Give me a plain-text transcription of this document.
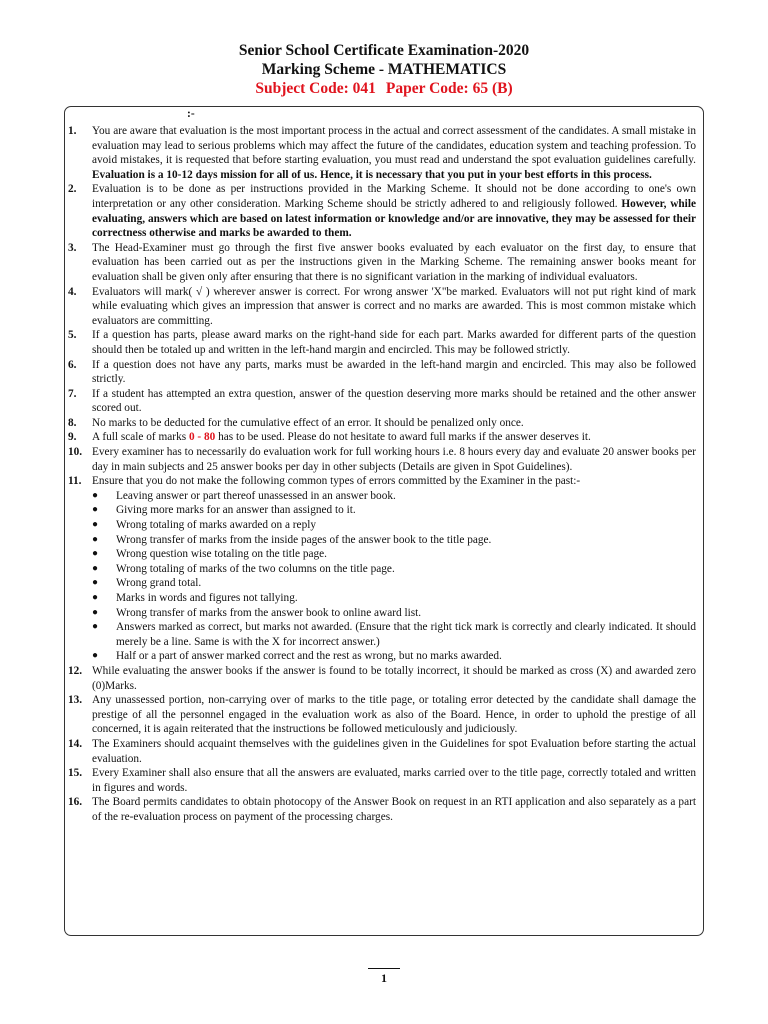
Senior School Certificate Examination-2020
Marking Scheme - MATHEMATICS
Subject Code: 041 Paper Code: 65 (B)
:-
1. You are aware that evaluation is the most important process in the actual and correct assessment of the candidates. A small mistake in evaluation may lead to serious problems which may affect the future of the candidates, education system and teaching profession. To avoid mistakes, it is requested that before starting evaluation, you must read and understand the spot evaluation guidelines carefully. Evaluation is a 10-12 days mission for all of us. Hence, it is necessary that you put in your best efforts in this process.
2. Evaluation is to be done as per instructions provided in the Marking Scheme. It should not be done according to one's own interpretation or any other consideration. Marking Scheme should be strictly adhered to and religiously followed. However, while evaluating, answers which are based on latest information or knowledge and/or are innovative, they may be assessed for their correctness otherwise and marks be awarded to them.
3. The Head-Examiner must go through the first five answer books evaluated by each evaluator on the first day, to ensure that evaluation has been carried out as per the instructions given in the Marking Scheme. The remaining answer books meant for evaluation shall be given only after ensuring that there is no significant variation in the marking of individual evaluators.
4. Evaluators will mark( √ ) wherever answer is correct. For wrong answer 'X"be marked. Evaluators will not put right kind of mark while evaluating which gives an impression that answer is correct and no marks are awarded. This is most common mistake which evaluators are committing.
5. If a question has parts, please award marks on the right-hand side for each part. Marks awarded for different parts of the question should then be totaled up and written in the left-hand margin and encircled. This may be followed strictly.
6. If a question does not have any parts, marks must be awarded in the left-hand margin and encircled. This may also be followed strictly.
7. If a student has attempted an extra question, answer of the question deserving more marks should be retained and the other answer scored out.
8. No marks to be deducted for the cumulative effect of an error. It should be penalized only once.
9. A full scale of marks 0 - 80 has to be used. Please do not hesitate to award full marks if the answer deserves it.
10. Every examiner has to necessarily do evaluation work for full working hours i.e. 8 hours every day and evaluate 20 answer books per day in main subjects and 25 answer books per day in other subjects (Details are given in Spot Guidelines).
11. Ensure that you do not make the following common types of errors committed by the Examiner in the past:-
●	Leaving answer or part thereof unassessed in an answer book.
●	Giving more marks for an answer than assigned to it.
●	Wrong totaling of marks awarded on a reply
●	Wrong transfer of marks from the inside pages of the answer book to the title page.
●	Wrong question wise totaling on the title page.
●	Wrong totaling of marks of the two columns on the title page.
●	Wrong grand total.
●	Marks in words and figures not tallying.
●	Wrong transfer of marks from the answer book to online award list.
●	Answers marked as correct, but marks not awarded. (Ensure that the right tick mark is correctly and clearly indicated. It should merely be a line. Same is with the X for incorrect answer.)
●	Half or a part of answer marked correct and the rest as wrong, but no marks awarded.
12. While evaluating the answer books if the answer is found to be totally incorrect, it should be marked as cross (X) and awarded zero (0)Marks.
13. Any unassessed portion, non-carrying over of marks to the title page, or totaling error detected by the candidate shall damage the prestige of all the personnel engaged in the evaluation work as also of the Board. Hence, in order to uphold the prestige of all concerned, it is again reiterated that the instructions be followed meticulously and judiciously.
14. The Examiners should acquaint themselves with the guidelines given in the Guidelines for spot Evaluation before starting the actual evaluation.
15. Every Examiner shall also ensure that all the answers are evaluated, marks carried over to the title page, correctly totaled and written in figures and words.
16. The Board permits candidates to obtain photocopy of the Answer Book on request in an RTI application and also separately as a part of the re-evaluation process on payment of the processing charges.
1
